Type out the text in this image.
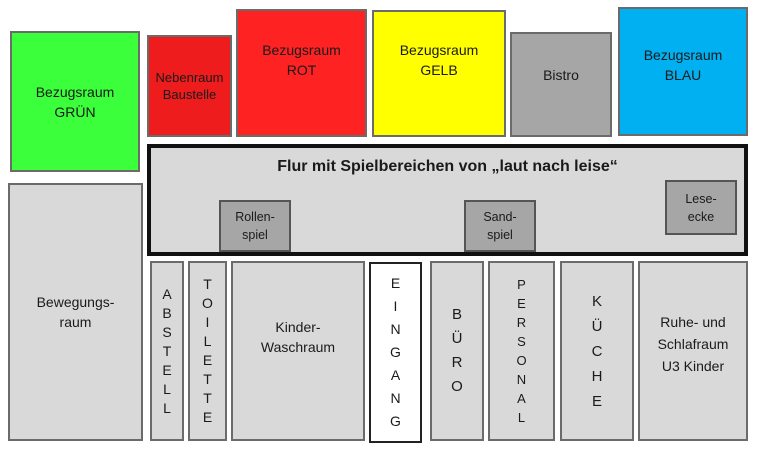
Bezugsraum
GRÜN
Nebenraum
Baustelle
Bezugsraum
ROT
Bezugsraum
GELB	Bistro
Bezugsraum
BLAU
Flur mit Spielbereichen von „laut nach leise“
Rollen-
spiel
Sand-
spiel
Lese-
ecke
Bewegungs-
raum
A
B
S
T
E
L
L
T
O
I
L
E
T
T
E
Kinder-
Waschraum
E
I
N
G
A
N
G
B
Ü
R
O
P
E
R
S
O
N
A
L
K
Ü
C
H
E
Ruhe- und
Schlafraum
U3 Kinder
